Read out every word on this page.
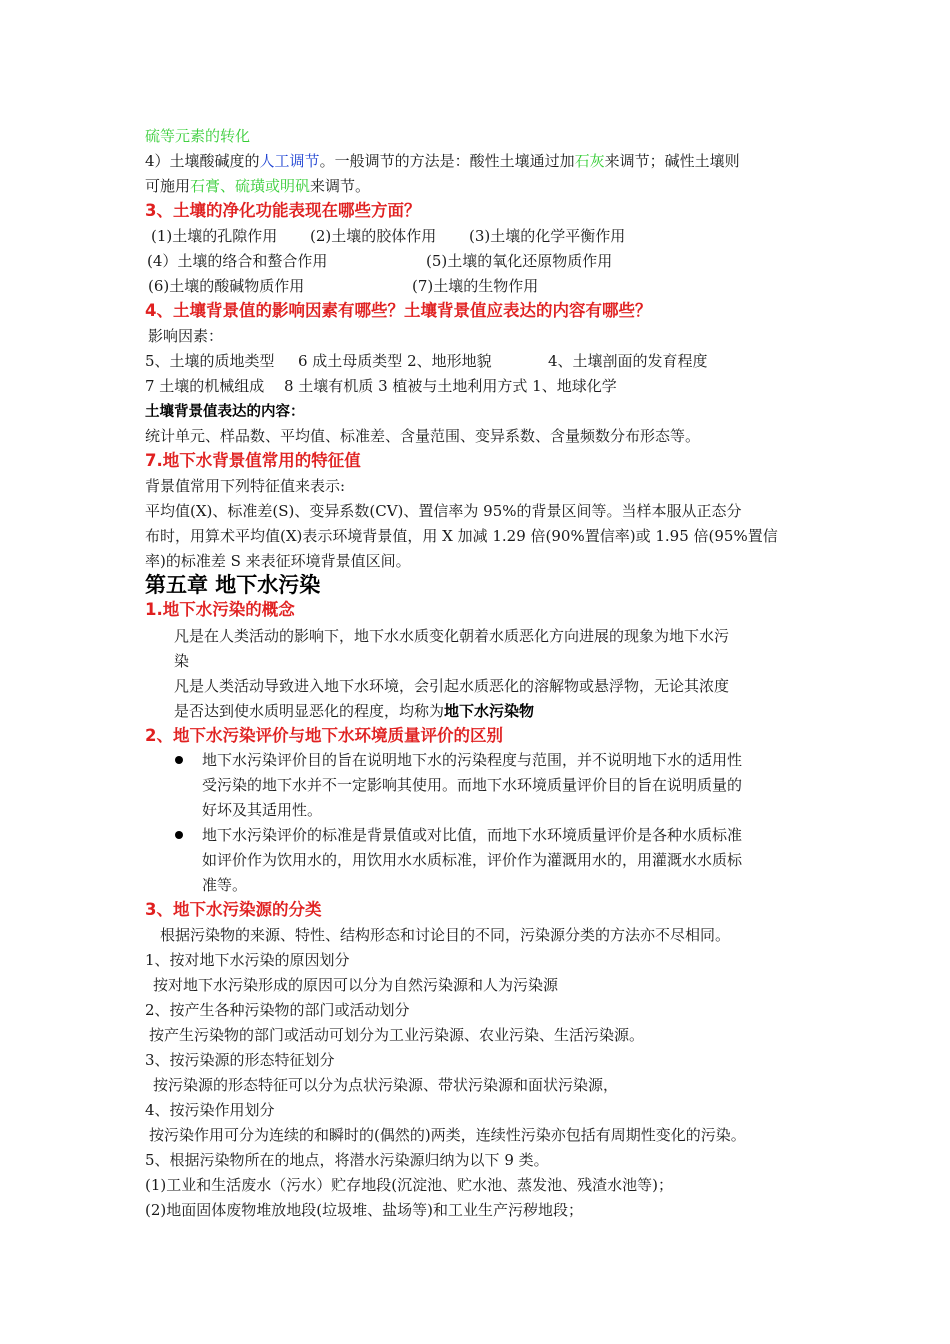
硫等元素的转化
4）土壤酸碱度的人工调节。一般调节的方法是：酸性土壤通过加石灰来调节；碱性土壤则
可施用石膏、硫璜或明矾来调节。
3、土壤的净化功能表现在哪些方面？
(1)土壤的孔隙作用 (2)土壤的胶体作用 (3)土壤的化学平衡作用
(4）土壤的络合和螯合作用	(5)土壤的氧化还原物质作用
(6)土壤的酸碱物质作用	(7)土壤的生物作用
4、土壤背景值的影响因素有哪些？土壤背景值应表达的内容有哪些？
影响因素：
5、土壤的质地类型 6 成土母质类型 2、地形地貌	4、土壤剖面的发育程度
7 土壤的机械组成 8 土壤有机质 3 植被与土地利用方式 1、地球化学
土壤背景值表达的内容：
统计单元、样品数、平均值、标准差、含量范围、变异系数、含量频数分布形态等。
7.地下水背景值常用的特征值
背景值常用下列特征值来表示:
平均值(X)、标准差(S)、变异系数(CV)、置信率为 95%的背景区间等。当样本服从正态分
布时，用算术平均值(X)表示环境背景值，用 X 加减 1.29 倍(90%置信率)或 1.95 倍(95%置信
率)的标准差 S 来表征环境背景值区间。
第五章 地下水污染
1.地下水污染的概念
凡是在人类活动的影响下，地下水水质变化朝着水质恶化方向进展的现象为地下水污
染
凡是人类活动导致进入地下水环境，会引起水质恶化的溶解物或悬浮物，无论其浓度
是否达到使水质明显恶化的程度，均称为地下水污染物
2、地下水污染评价与地下水环境质量评价的区别
地下水污染评价目的旨在说明地下水的污染程度与范围，并不说明地下水的适用性
受污染的地下水并不一定影响其使用。而地下水环境质量评价目的旨在说明质量的
好坏及其适用性。
地下水污染评价的标准是背景值或对比值，而地下水环境质量评价是各种水质标准
如评价作为饮用水的，用饮用水水质标准，评价作为灌溉用水的，用灌溉水水质标
准等。
3、地下水污染源的分类
根据污染物的来源、特性、结构形态和讨论目的不同，污染源分类的方法亦不尽相同。
1、按对地下水污染的原因划分
按对地下水污染形成的原因可以分为自然污染源和人为污染源
2、按产生各种污染物的部门或活动划分
按产生污染物的部门或活动可划分为工业污染源、农业污染、生活污染源。
3、按污染源的形态特征划分
按污染源的形态特征可以分为点状污染源、带状污染源和面状污染源，
4、按污染作用划分
按污染作用可分为连续的和瞬时的(偶然的)两类，连续性污染亦包括有周期性变化的污染。
5、根据污染物所在的地点，将潜水污染源归纳为以下 9 类。
(1)工业和生活废水（污水）贮存地段(沉淀池、贮水池、蒸发池、残渣水池等)；
(2)地面固体废物堆放地段(垃圾堆、盐场等)和工业生产污秽地段；
